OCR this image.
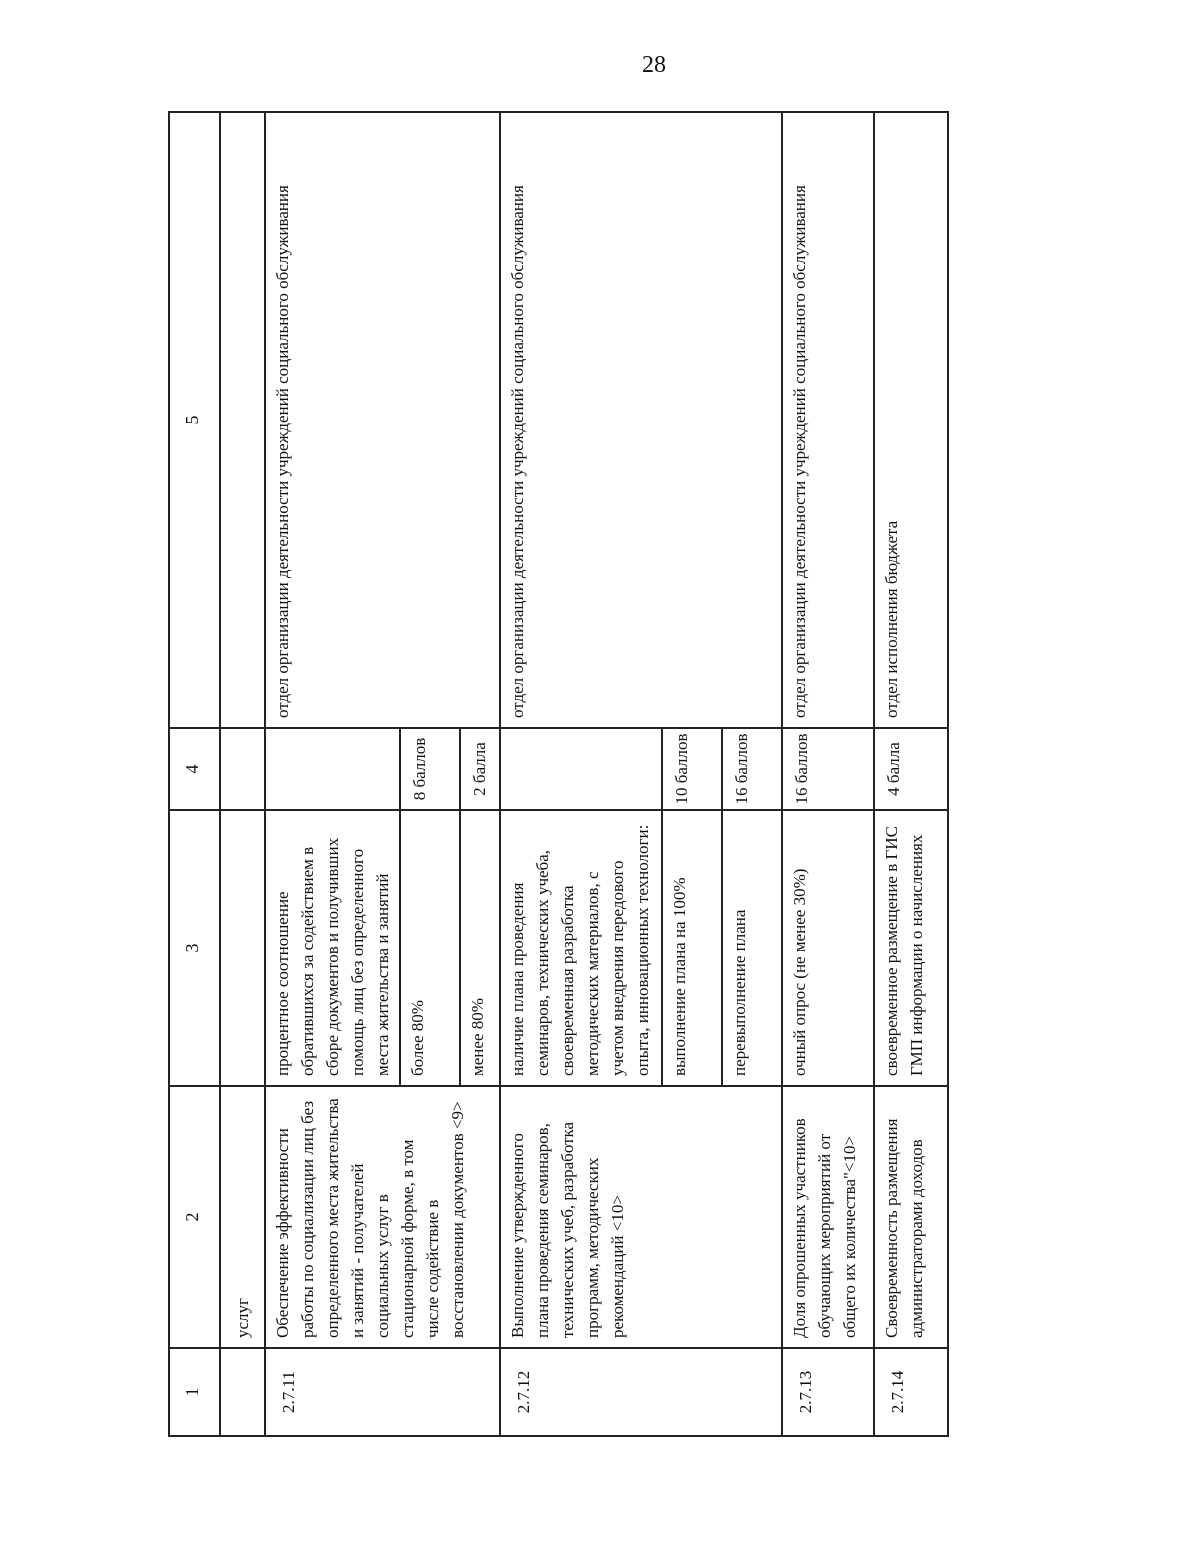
28
1	2	3	4	5
	услуг			
2.7.11	Обеспечение эффективности работы по социализации лиц без определенного места жительства и занятий - получателей социальных услуг в стационарной форме, в том числе содействие в восстановлении документов <9>	процентное соотношение обратившихся за содействием в сборе документов и получивших помощь лиц без определенного места жительства и занятий		отдел организации деятельности учреждений социального обслуживания
		более 80%	8 баллов	
		менее 80%	2 балла	
2.7.12	Выполнение утвержденного плана проведения семинаров, технических учеб, разработка программ, методических рекомендаций <10>	наличие плана проведения семинаров, технических учеба, своевременная разработка методических материалов, с учетом внедрения передового опыта, инновационных технологи:		отдел организации деятельности учреждений социального обслуживания
		выполнение плана на 100%	10 баллов	
		перевыполнение плана	16 баллов	
2.7.13	Доля опрошенных участников обучающих мероприятий от общего их количества"<10>	очный опрос (не менее 30%)	16 баллов	отдел организации деятельности учреждений социального обслуживания
2.7.14	Своевременность размещения администраторами доходов	своевременное размещение в ГИС ГМП информации о начислениях	4 балла	отдел исполнения бюджета
